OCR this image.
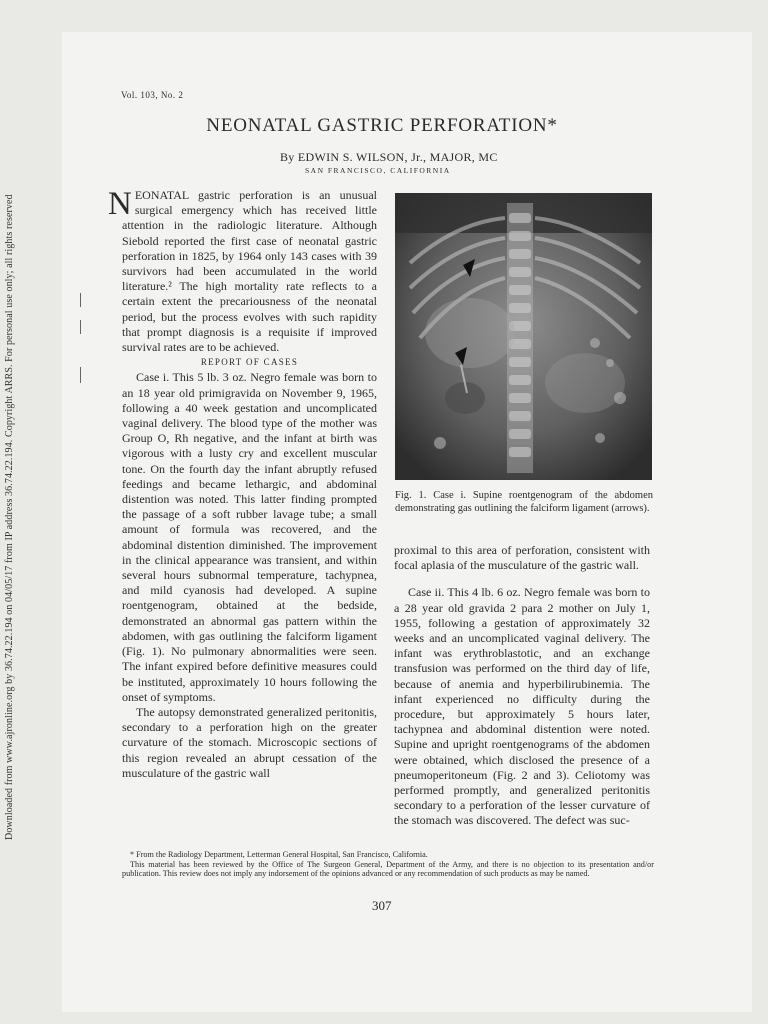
Downloaded from www.ajronline.org by 36.74.22.194 on 04/05/17 from IP address 36.74.22.194. Copyright ARRS. For personal use only; all rights reserved
Vol. 103, No. 2
NEONATAL GASTRIC PERFORATION*
By EDWIN S. WILSON, Jr., MAJOR, MC
SAN FRANCISCO, CALIFORNIA

NEONATAL gastric perforation is an unusual surgical emergency which has received little attention in the radiologic literature. Although Siebold reported the first case of neonatal gastric perforation in 1825, by 1964 only 143 cases with 39 survivors had been accumulated in the world literature.² The high mortality rate reflects to a certain extent the precariousness of the neonatal period, but the process evolves with such rapidity that prompt diagnosis is a requisite if improved survival rates are to be achieved.

REPORT OF CASES

Case i. This 5 lb. 3 oz. Negro female was born to an 18 year old primigravida on November 9, 1965, following a 40 week gestation and uncomplicated vaginal delivery. The blood type of the mother was Group O, Rh negative, and the infant at birth was vigorous with a lusty cry and excellent muscular tone. On the fourth day the infant abruptly refused feedings and became lethargic, and abdominal distention was noted. This latter finding prompted the passage of a soft rubber lavage tube; a small amount of formula was recovered, and the abdominal distention diminished. The improvement in the clinical appearance was transient, and within several hours subnormal temperature, tachypnea, and mild cyanosis had developed. A supine roentgenogram, obtained at the bedside, demonstrated an abnormal gas pattern within the abdomen, with gas outlining the falciform ligament (Fig. 1). No pulmonary abnormalities were seen. The infant expired before definitive measures could be instituted, approximately 10 hours following the onset of symptoms.

The autopsy demonstrated generalized peritonitis, secondary to a perforation high on the greater curvature of the stomach. Microscopic sections of this region revealed an abrupt cessation of the musculature of the gastric wall

Fig. 1. Case i. Supine roentgenogram of the abdomen demonstrating gas outlining the falciform ligament (arrows).

proximal to this area of perforation, consistent with focal aplasia of the musculature of the gastric wall.

Case ii. This 4 lb. 6 oz. Negro female was born to a 28 year old gravida 2 para 2 mother on July 1, 1955, following a gestation of approximately 32 weeks and an uncomplicated vaginal delivery. The infant was erythroblastotic, and an exchange transfusion was performed on the third day of life, because of anemia and hyperbilirubinemia. The infant experienced no difficulty during the procedure, but approximately 5 hours later, tachypnea and abdominal distention were noted. Supine and upright roentgenograms of the abdomen were obtained, which disclosed the presence of a pneumoperitoneum (Fig. 2 and 3). Celiotomy was performed promptly, and generalized peritonitis secondary to a perforation of the lesser curvature of the stomach was discovered. The defect was suc-

* From the Radiology Department, Letterman General Hospital, San Francisco, California.
This material has been reviewed by the Office of The Surgeon General, Department of the Army, and there is no objection to its presentation and/or publication. This review does not imply any indorsement of the opinions advanced or any recommendation of such products as may be named.
307
